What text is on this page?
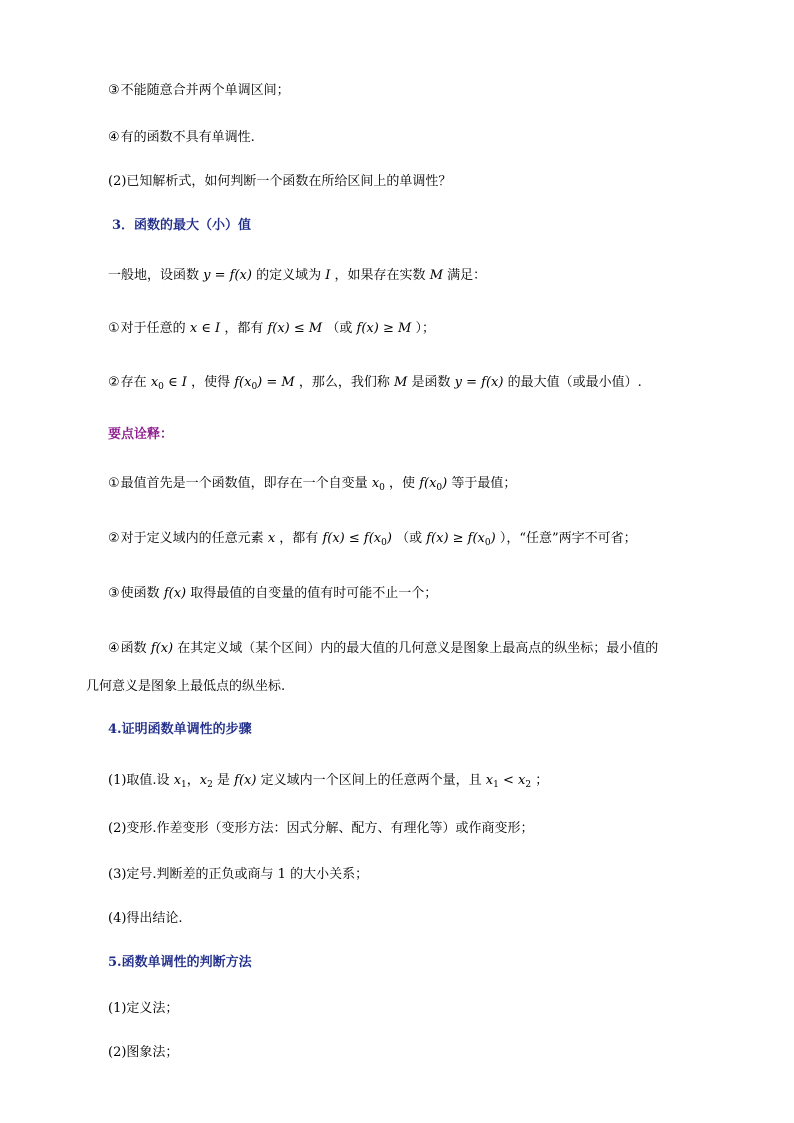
③不能随意合并两个单调区间；
④有的函数不具有单调性.
(2)已知解析式，如何判断一个函数在所给区间上的单调性？
3．函数的最大（小）值
一般地，设函数 y = f(x) 的定义域为 I ，如果存在实数 M 满足：
①对于任意的 x ∈ I ，都有 f(x) ≤ M （或 f(x) ≥ M ）；
②存在 $x_0$ ∈ I ，使得 $f(x_0) = M$ ，那么，我们称 M 是函数 y = f(x) 的最大值（或最小值）.
要点诠释：
①最值首先是一个函数值，即存在一个自变量 $x_0$ ，使 $f(x_0)$ 等于最值；
②对于定义域内的任意元素 x ，都有 $f(x) \le f(x_0)$ （或 $f(x) \ge f(x_0)$ ），“任意”两字不可省；
③使函数 f(x) 取得最值的自变量的值有时可能不止一个；
④函数 f(x) 在其定义域（某个区间）内的最大值的几何意义是图象上最高点的纵坐标；最小值的
几何意义是图象上最低点的纵坐标.
4.证明函数单调性的步骤
(1)取值.设 $x_1$，$x_2$ 是 f(x) 定义域内一个区间上的任意两个量，且 $x_1 < x_2$ ；
(2)变形.作差变形（变形方法：因式分解、配方、有理化等）或作商变形；
(3)定号.判断差的正负或商与 1 的大小关系；
(4)得出结论.
5.函数单调性的判断方法
(1)定义法；
(2)图象法；
